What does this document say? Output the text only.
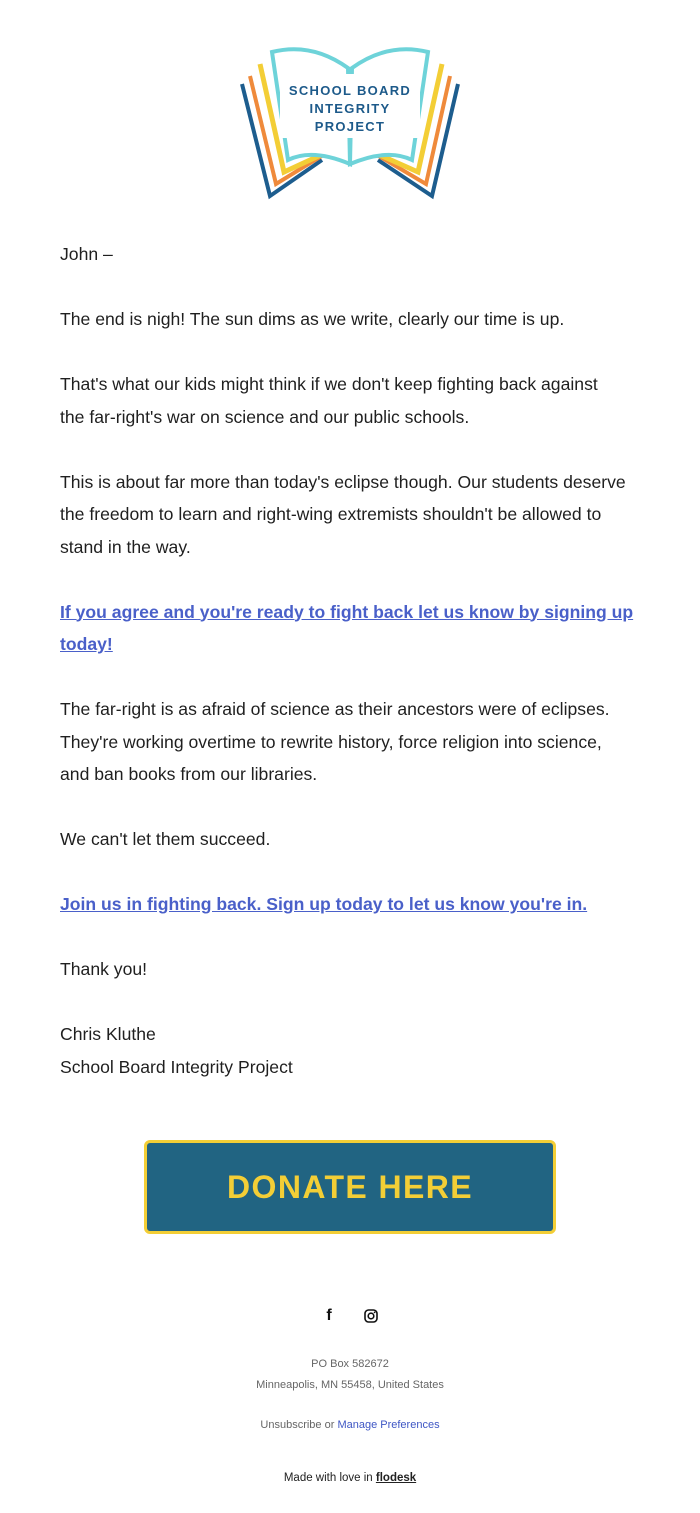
SCHOOL BOARD
INTEGRITY
PROJECT

John –

The end is nigh! The sun dims as we write, clearly our time is up.

That's what our kids might think if we don't keep fighting back against

the far-right's war on science and our public schools.

This is about far more than today's eclipse though. Our students deserve

the freedom to learn and right-wing extremists shouldn't be allowed to

stand in the way.

If you agree and you're ready to fight back let us know by signing up

today!

The far-right is as afraid of science as their ancestors were of eclipses.

They're working overtime to rewrite history, force religion into science,

and ban books from our libraries.

We can't let them succeed.

Join us in fighting back. Sign up today to let us know you're in.

Thank you!

Chris Kluthe

School Board Integrity Project

DONATE HERE
f
PO Box 582672
Minneapolis, MN 55458, United States
Unsubscribe or Manage Preferences
Made with love in flodesk
